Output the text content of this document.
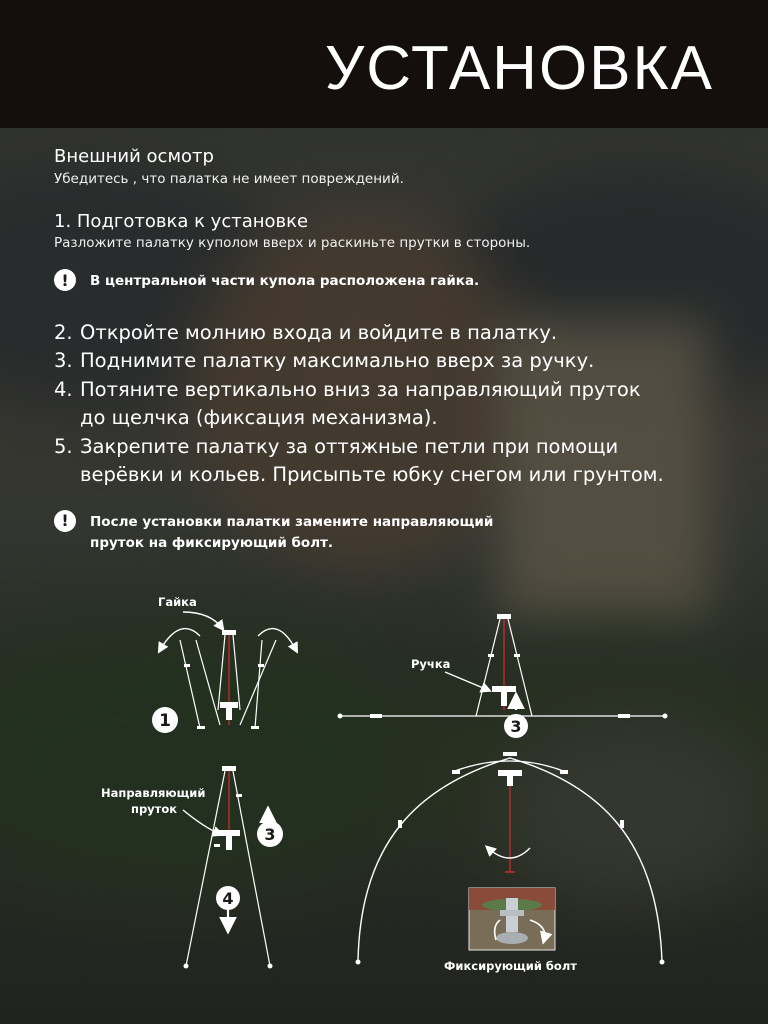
УСТАНОВКА

Внешний осмотр

Убедитесь , что палатка не имеет повреждений.

1. Подготовка к установке

Разложите палатку куполом вверх и раскиньте прутки в стороны.

!	В центральной части купола расположена гайка.
2. Откройте молнию входа и войдите в палатку.
3. Поднимите палатку максимально вверх за ручку.
4. Потяните вертикально вниз за направляющий пруток
до щелчка (фиксация механизма).
5. Закрепите палатку за оттяжные петли при помощи
верёвки и кольев. Присыпьте юбку снегом или грунтом.
!	После установки палатки замените направляющий
пруток на фиксирующий болт.
Гайка
1
Ручка
3
Направляющий
пруток
3
4
Фиксирующий болт
